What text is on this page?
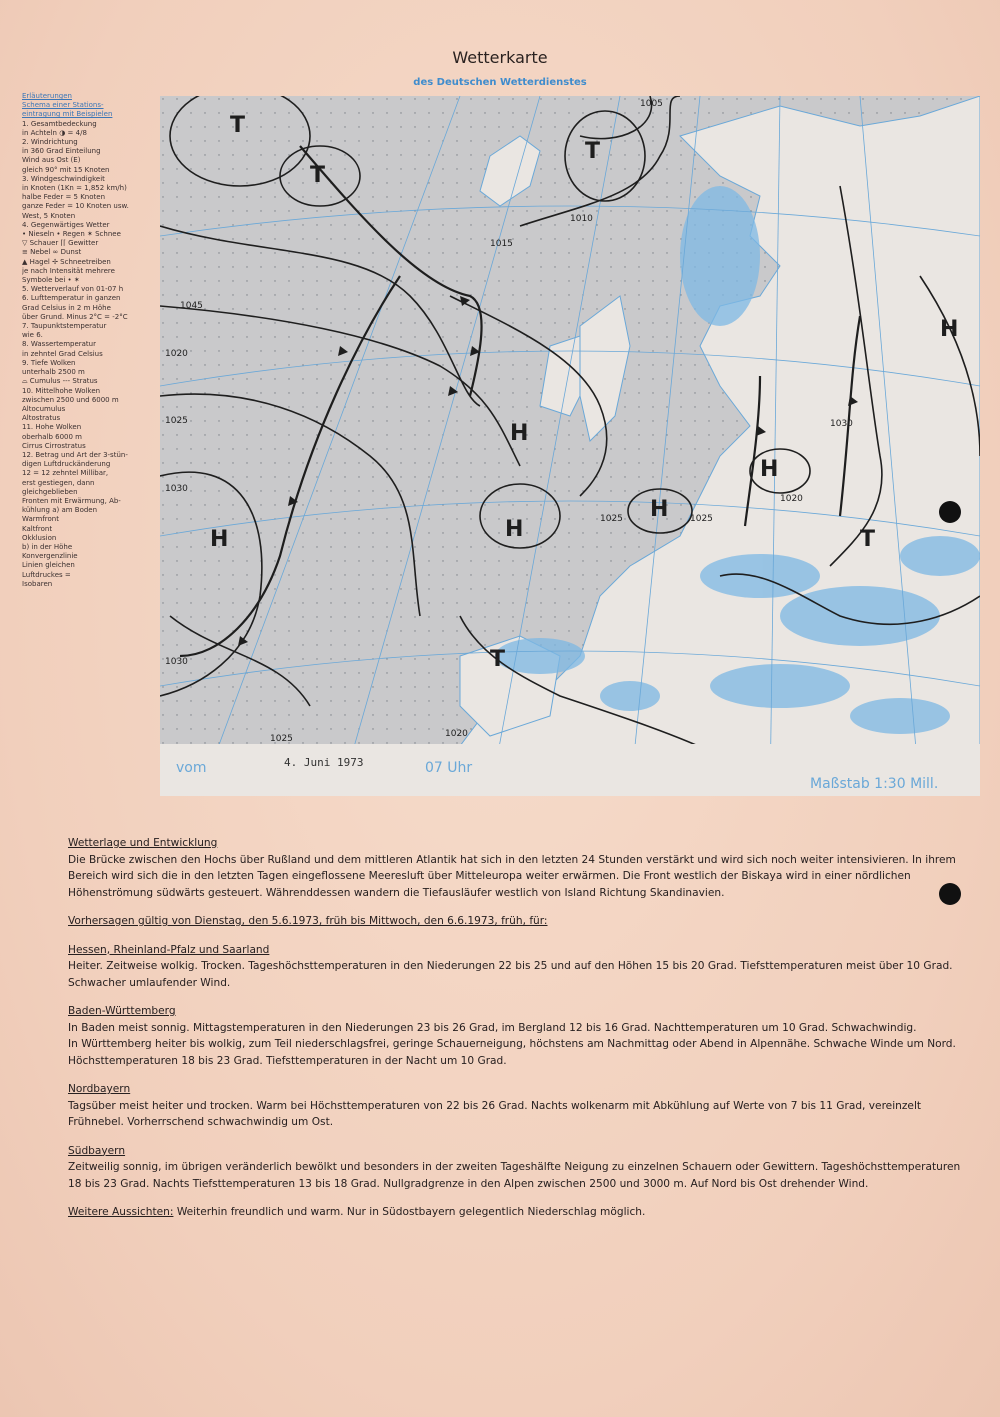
Wetterkarte
des Deutschen Wetterdienstes
Erläuterungen
Schema einer Stations-
eintragung mit Beispielen
1. Gesamtbedeckung
in Achteln ◑ = 4/8
2. Windrichtung
in 360 Grad Einteilung
Wind aus Ost (E)
gleich 90° mit 15 Knoten
3. Windgeschwindigkeit
in Knoten (1Kn = 1,852 km/h)
halbe Feder = 5 Knoten
ganze Feder = 10 Knoten usw.
West, 5 Knoten
4. Gegenwärtiges Wetter
• Nieseln • Regen ✶ Schnee
▽ Schauer ⌈⌈ Gewitter
≡ Nebel ∞ Dunst
▲ Hagel ✢ Schneetreiben
je nach Intensität mehrere
Symbole bei • ✶
5. Wetterverlauf von 01-07 h
6. Lufttemperatur in ganzen
Grad Celsius in 2 m Höhe
über Grund. Minus 2°C = -2°C
7. Taupunktstemperatur
wie 6.
8. Wassertemperatur
in zehntel Grad Celsius
9. Tiefe Wolken
unterhalb 2500 m
⌓ Cumulus --- Stratus
10. Mittelhohe Wolken
zwischen 2500 und 6000 m
Altocumulus
Altostratus
11. Hohe Wolken
oberhalb 6000 m
Cirrus Cirrostratus
12. Betrag und Art der 3-stün-
digen Luftdruckänderung
12 = 12 zehntel Millibar,
erst gestiegen, dann
gleichgeblieben
Fronten mit Erwärmung, Ab-
kühlung a) am Boden
Warmfront
Kaltfront
Okklusion
b) in der Höhe
Konvergenzlinie
Linien gleichen
Luftdruckes =
Isobaren
T
T
T
H
H
H
H
H
H
T
T
1005
1010
1015
1045
1020
1025
1030
1030
1025	1020
1025	1025
1030
1020
vom	4. Juni 1973	07 Uhr
Maßstab 1:30 Mill.
Wetterlage und Entwicklung
Die Brücke zwischen den Hochs über Rußland und dem mittleren Atlantik hat sich in den letzten 24 Stunden verstärkt und wird sich noch weiter intensivieren. In ihrem Bereich wird sich die in den letzten Tagen eingeflossene Meeresluft über Mitteleuropa weiter erwärmen. Die Front westlich der Biskaya wird in einer nördlichen Höhenströmung südwärts gesteuert. Währenddessen wandern die Tiefausläufer westlich von Island Richtung Skandinavien.
Vorhersagen gültig von Dienstag, den 5.6.1973, früh bis Mittwoch, den 6.6.1973, früh, für:
Hessen, Rheinland-Pfalz und Saarland
Heiter. Zeitweise wolkig. Trocken. Tageshöchsttemperaturen in den Niederungen 22 bis 25 und auf den Höhen 15 bis 20 Grad. Tiefsttemperaturen meist über 10 Grad. Schwacher umlaufender Wind.
Baden-Württemberg
In Baden meist sonnig. Mittagstemperaturen in den Niederungen 23 bis 26 Grad, im Bergland 12 bis 16 Grad. Nachttemperaturen um 10 Grad. Schwachwindig.
In Württemberg heiter bis wolkig, zum Teil niederschlagsfrei, geringe Schauerneigung, höchstens am Nachmittag oder Abend in Alpennähe. Schwache Winde um Nord. Höchsttemperaturen 18 bis 23 Grad. Tiefsttemperaturen in der Nacht um 10 Grad.
Nordbayern
Tagsüber meist heiter und trocken. Warm bei Höchsttemperaturen von 22 bis 26 Grad. Nachts wolkenarm mit Abkühlung auf Werte von 7 bis 11 Grad, vereinzelt Frühnebel. Vorherrschend schwachwindig um Ost.
Südbayern
Zeitweilig sonnig, im übrigen veränderlich bewölkt und besonders in der zweiten Tageshälfte Neigung zu einzelnen Schauern oder Gewittern. Tageshöchsttemperaturen 18 bis 23 Grad. Nachts Tiefsttemperaturen 13 bis 18 Grad. Nullgradgrenze in den Alpen zwischen 2500 und 3000 m. Auf Nord bis Ost drehender Wind.
Weitere Aussichten: Weiterhin freundlich und warm. Nur in Südostbayern gelegentlich Niederschlag möglich.
